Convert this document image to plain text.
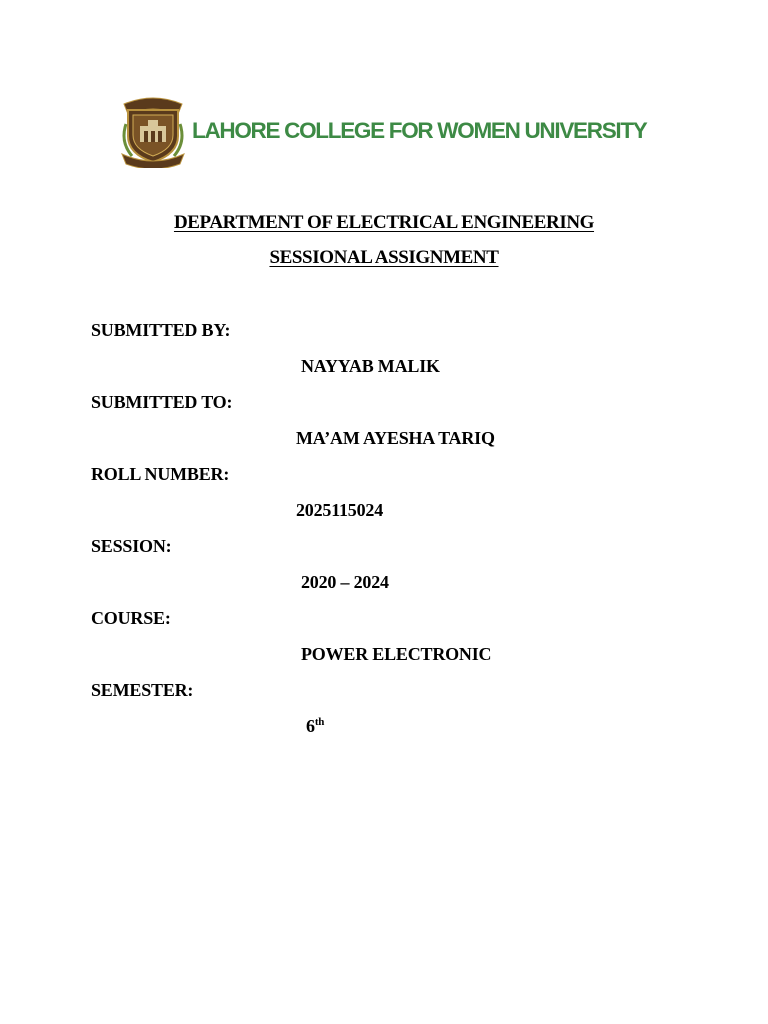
LAHORE COLLEGE FOR WOMEN UNIVERSITY
DEPARTMENT OF ELECTRICAL ENGINEERING
SESSIONAL ASSIGNMENT
SUBMITTED BY:
NAYYAB MALIK
SUBMITTED TO:
MA’AM AYESHA TARIQ
ROLL NUMBER:
2025115024
SESSION:
2020 – 2024
COURSE:
POWER ELECTRONIC
SEMESTER:
6th
